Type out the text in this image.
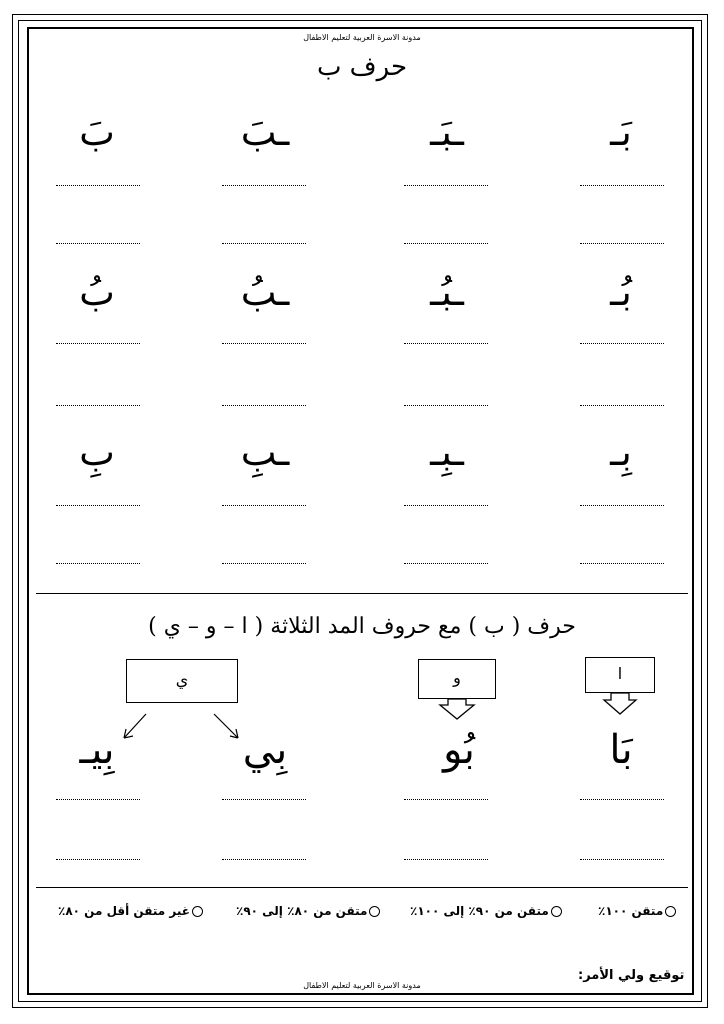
مدونة الاسرة العربية لتعليم الاطفال
حرف ب
بَـ
ـبَـ
ـبَ
بَ
بُـ
ـبُـ
ـبُ
بُ
بِـ
ـبِـ
ـبِ
بِ
حرف ( ب ) مع حروف المد الثلاثة ( ا – و – ي )
ا
و
ي
بَا
بُو
بِي
بِيـ
متقن ١٠٠٪
متقن من ٩٠٪ إلى ١٠٠٪
متقن من ٨٠٪ إلى ٩٠٪
غير متقن أقل من ٨٠٪
توقيع ولي الأمر:
مدونة الاسرة العربية لتعليم الاطفال
